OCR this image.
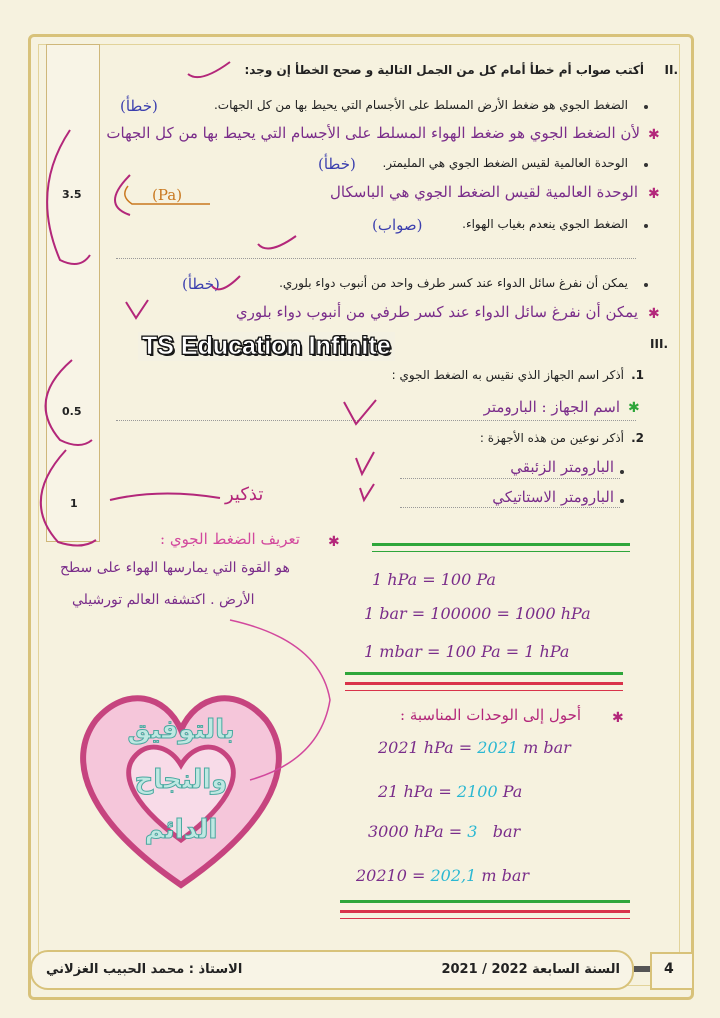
3.5
0.5
1
.II
أكتب صواب أم خطأ أمام كل من الجمل التالية و صحح الخطأ إن وجد:
الضغط الجوي هو ضغط الأرض المسلط على الأجسام التي يحيط بها من كل الجهات.
(خطأ)
✱
لأن الضغط الجوي هو ضغط الهواء المسلط على الأجسام التي يحيط بها من كل الجهات
الوحدة العالمية لقيس الضغط الجوي هي المليمتر.
(خطأ)
✱
الوحدة العالمية لقيس الضغط الجوي هي الباسكال
(Pa)
الضغط الجوي ينعدم بغياب الهواء.
(صواب)
يمكن أن نفرغ سائل الدواء عند كسر طرف واحد من أنبوب دواء بلوري.
(خطأ)
✱
يمكن أن نفرغ سائل الدواء عند كسر طرفي من أنبوب دواء بلوري
TS Education Infinite	.III
1.
أذكر اسم الجهاز الذي نقيس به الضغط الجوي :
✱
اسم الجهاز : البارومتر
2.
أذكر نوعين من هذه الأجهزة :
البارومتر الزئبقي
البارومتر الاستاتيكي
تذكير
✱
تعريف الضغط الجوي :
هو القوة التي يمارسها الهواء على سطح
الأرض . اكتشفه العالم تورشيلي
بالتوفيق
والنجاح
الدائم
1 hPa = 100 Pa
1 bar = 100000 = 1000 hPa
1 mbar = 100 Pa = 1 hPa
✱
أحول إلى الوحدات المناسبة :
2021 hPa = 2021 m bar
21 hPa = 2100 Pa
3000 hPa = 3 bar
20210 = 202,1 m bar
الاستاذ : محمد الحبيب الغزلاني	السنة السابعة 2022 / 2021	4
